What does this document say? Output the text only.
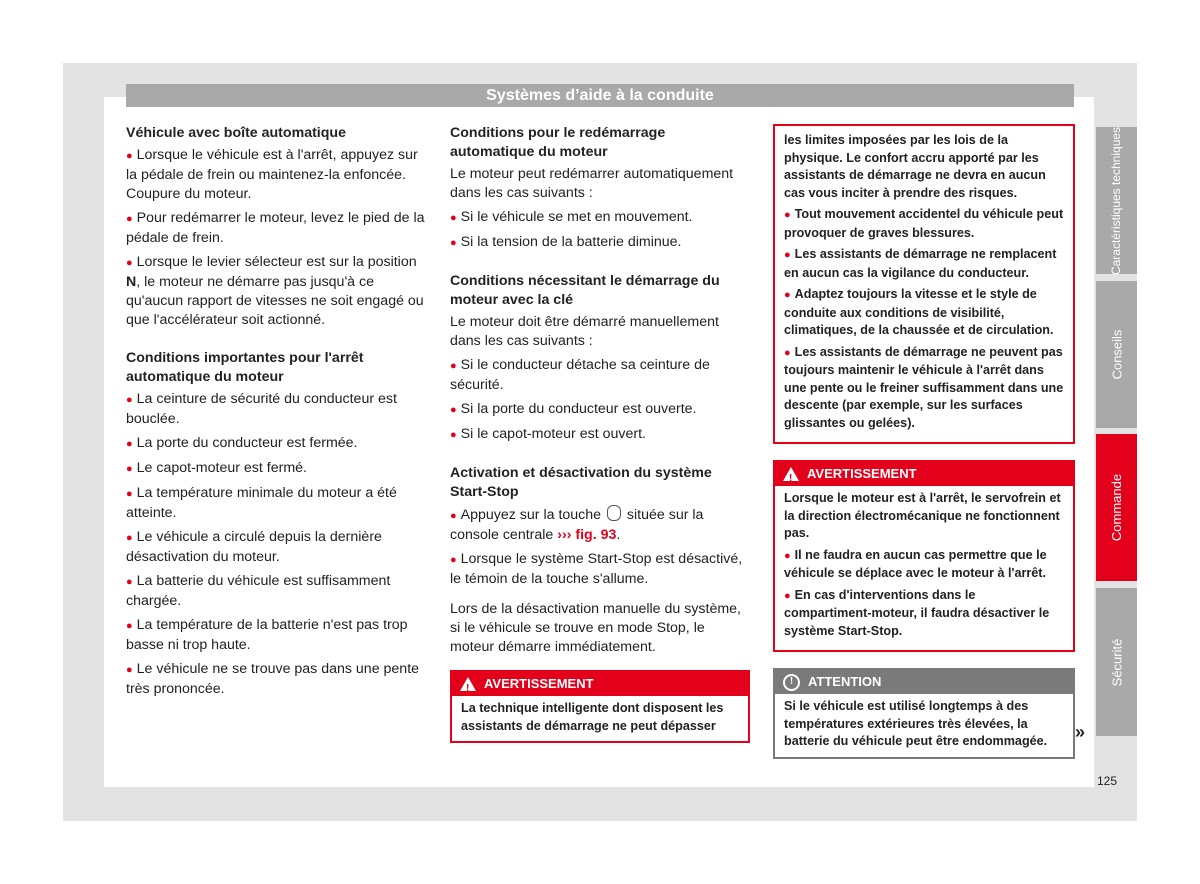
Systèmes d’aide à la conduite
Véhicule avec boîte automatique
● Lorsque le véhicule est à l'arrêt, appuyez sur la pédale de frein ou maintenez-la enfoncée. Coupure du moteur.
● Pour redémarrer le moteur, levez le pied de la pédale de frein.
● Lorsque le levier sélecteur est sur la position N, le moteur ne démarre pas jusqu'à ce qu'aucun rapport de vitesses ne soit engagé ou que l'accélérateur soit actionné.
Conditions importantes pour l'arrêt automatique du moteur
● La ceinture de sécurité du conducteur est bouclée.
● La porte du conducteur est fermée.
● Le capot-moteur est fermé.
● La température minimale du moteur a été atteinte.
● Le véhicule a circulé depuis la dernière désactivation du moteur.
● La batterie du véhicule est suffisamment chargée.
● La température de la batterie n'est pas trop basse ni trop haute.
● Le véhicule ne se trouve pas dans une pente très prononcée.
Conditions pour le redémarrage automatique du moteur
Le moteur peut redémarrer automatiquement dans les cas suivants :
● Si le véhicule se met en mouvement.
● Si la tension de la batterie diminue.
Conditions nécessitant le démarrage du moteur avec la clé
Le moteur doit être démarré manuellement dans les cas suivants :
● Si le conducteur détache sa ceinture de sécurité.
● Si la porte du conducteur est ouverte.
● Si le capot-moteur est ouvert.
Activation et désactivation du système Start-Stop
● Appuyez sur la touche  située sur la console centrale ››› fig. 93.
● Lorsque le système Start-Stop est désactivé, le témoin de la touche s'allume.
Lors de la désactivation manuelle du système, si le véhicule se trouve en mode Stop, le moteur démarre immédiatement.
! AVERTISSEMENT
La technique intelligente dont disposent les assistants de démarrage ne peut dépasser
les limites imposées par les lois de la physique. Le confort accru apporté par les assistants de démarrage ne devra en aucun cas vous inciter à prendre des risques.
● Tout mouvement accidentel du véhicule peut provoquer de graves blessures.
● Les assistants de démarrage ne remplacent en aucun cas la vigilance du conducteur.
● Adaptez toujours la vitesse et le style de conduite aux conditions de visibilité, climatiques, de la chaussée et de circulation.
● Les assistants de démarrage ne peuvent pas toujours maintenir le véhicule à l'arrêt dans une pente ou le freiner suffisamment dans une descente (par exemple, sur les surfaces glissantes ou gelées).
! AVERTISSEMENT
Lorsque le moteur est à l'arrêt, le servofrein et la direction électromécanique ne fonctionnent pas.
● Il ne faudra en aucun cas permettre que le véhicule se déplace avec le moteur à l'arrêt.
● En cas d'interventions dans le compartiment-moteur, il faudra désactiver le système Start-Stop.
!	ATTENTION
Si le véhicule est utilisé longtemps à des températures extérieures très élevées, la batterie du véhicule peut être endommagée.	»
Caractéristiques techniques
Conseils
Commande
Sécurité
125
